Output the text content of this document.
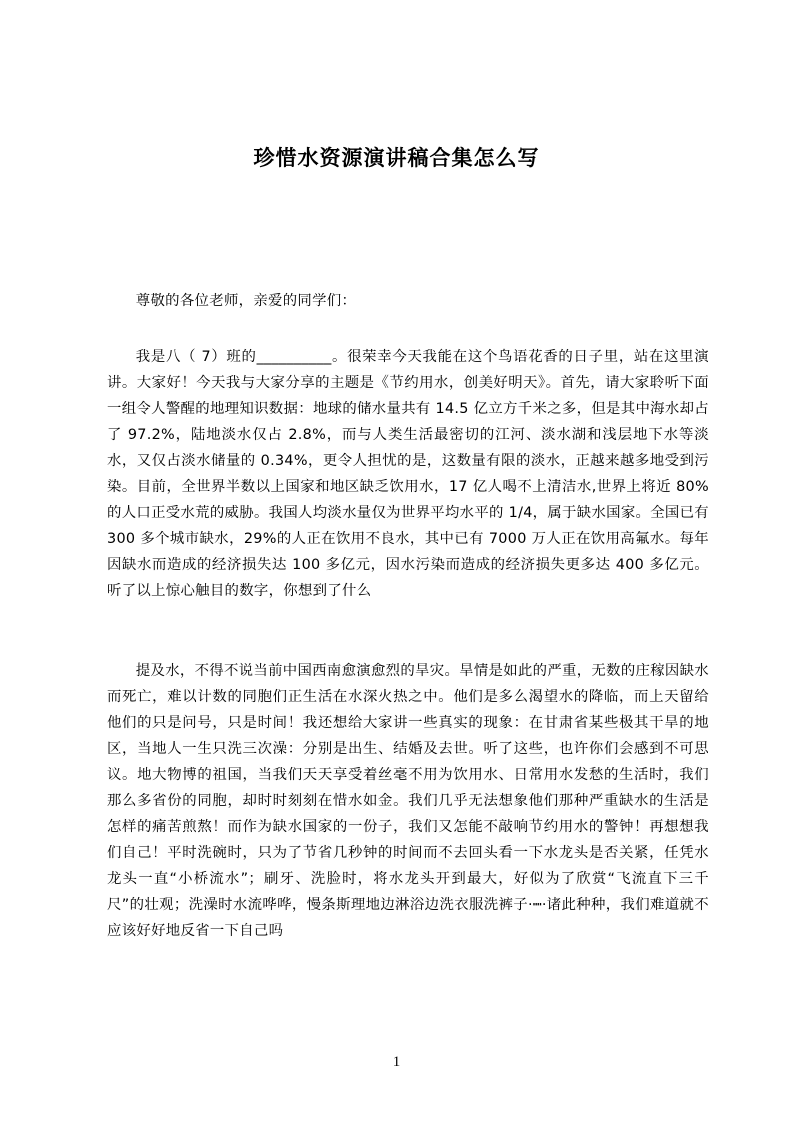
珍惜水资源演讲稿合集怎么写

尊敬的各位老师，亲爱的同学们：

我是八（ 7）班的__________。很荣幸今天我能在这个鸟语花香的日子里，站在这里演讲。大家好！今天我与大家分享的主题是《节约用水，创美好明天》。首先，请大家聆听下面一组令人警醒的地理知识数据：地球的储水量共有 14.5 亿立方千米之多，但是其中海水却占了 97.2%，陆地淡水仅占 2.8%，而与人类生活最密切的江河、淡水湖和浅层地下水等淡水，又仅占淡水储量的 0.34%，更令人担忧的是，这数量有限的淡水，正越来越多地受到污染。目前，全世界半数以上国家和地区缺乏饮用水，17 亿人喝不上清洁水,世界上将近 80%的人口正受水荒的威胁。我国人均淡水量仅为世界平均水平的 1/4，属于缺水国家。全国已有 300 多个城市缺水，29%的人正在饮用不良水，其中已有 7000 万人正在饮用高氟水。每年因缺水而造成的经济损失达 100 多亿元，因水污染而造成的经济损失更多达 400 多亿元。听了以上惊心触目的数字，你想到了什么

提及水，不得不说当前中国西南愈演愈烈的旱灾。旱情是如此的严重，无数的庄稼因缺水而死亡，难以计数的同胞们正生活在水深火热之中。他们是多么渴望水的降临，而上天留给他们的只是问号，只是时间！我还想给大家讲一些真实的现象：在甘肃省某些极其干旱的地区，当地人一生只洗三次澡：分别是出生、结婚及去世。听了这些，也许你们会感到不可思议。地大物博的祖国，当我们天天享受着丝毫不用为饮用水、日常用水发愁的生活时，我们那么多省份的同胞，却时时刻刻在惜水如金。我们几乎无法想象他们那种严重缺水的生活是怎样的痛苦煎熬！而作为缺水国家的一份子，我们又怎能不敲响节约用水的警钟！再想想我们自己！平时洗碗时，只为了节省几秒钟的时间而不去回头看一下水龙头是否关紧，任凭水龙头一直“小桥流水”；刷牙、洗脸时，将水龙头开到最大，好似为了欣赏“飞流直下三千尺”的壮观；洗澡时水流哗哗，慢条斯理地边淋浴边洗衣服洗裤子·┉·诸此种种，我们难道就不应该好好地反省一下自己吗

1
